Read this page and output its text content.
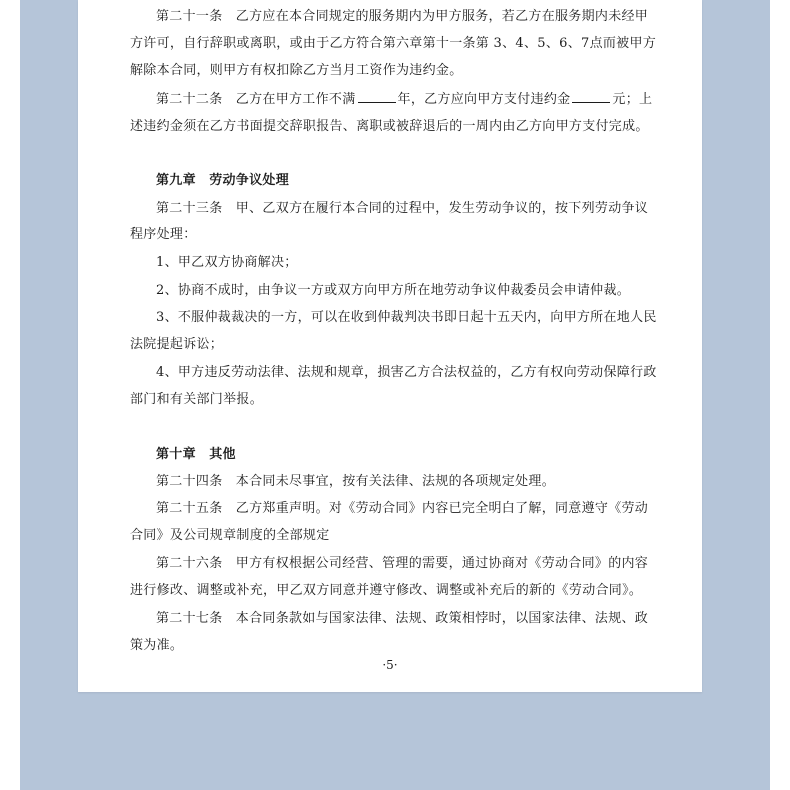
第二十一条　乙方应在本合同规定的服务期内为甲方服务，若乙方在服务期内未经甲
方许可，自行辞职或离职，或由于乙方符合第六章第十一条第 3、4、5、6、7点而被甲方
解除本合同，则甲方有权扣除乙方当月工资作为违约金。
第二十二条　乙方在甲方工作不满	年，乙方应向甲方支付违约金	元；上
述违约金须在乙方书面提交辞职报告、离职或被辞退后的一周内由乙方向甲方支付完成。
第九章　劳动争议处理
第二十三条　甲、乙双方在履行本合同的过程中，发生劳动争议的，按下列劳动争议
程序处理：
1、甲乙双方协商解决；
2、协商不成时，由争议一方或双方向甲方所在地劳动争议仲裁委员会申请仲裁。
3、不服仲裁裁决的一方，可以在收到仲裁判决书即日起十五天内，向甲方所在地人民
法院提起诉讼；
4、甲方违反劳动法律、法规和规章，损害乙方合法权益的，乙方有权向劳动保障行政
部门和有关部门举报。
第十章　其他
第二十四条　本合同未尽事宜，按有关法律、法规的各项规定处理。
第二十五条　乙方郑重声明。对《劳动合同》内容已完全明白了解，同意遵守《劳动
合同》及公司规章制度的全部规定
第二十六条　甲方有权根据公司经营、管理的需要，通过协商对《劳动合同》的内容
进行修改、调整或补充，甲乙双方同意并遵守修改、调整或补充后的新的《劳动合同》。
第二十七条　本合同条款如与国家法律、法规、政策相悖时，以国家法律、法规、政
策为准。
·5·
